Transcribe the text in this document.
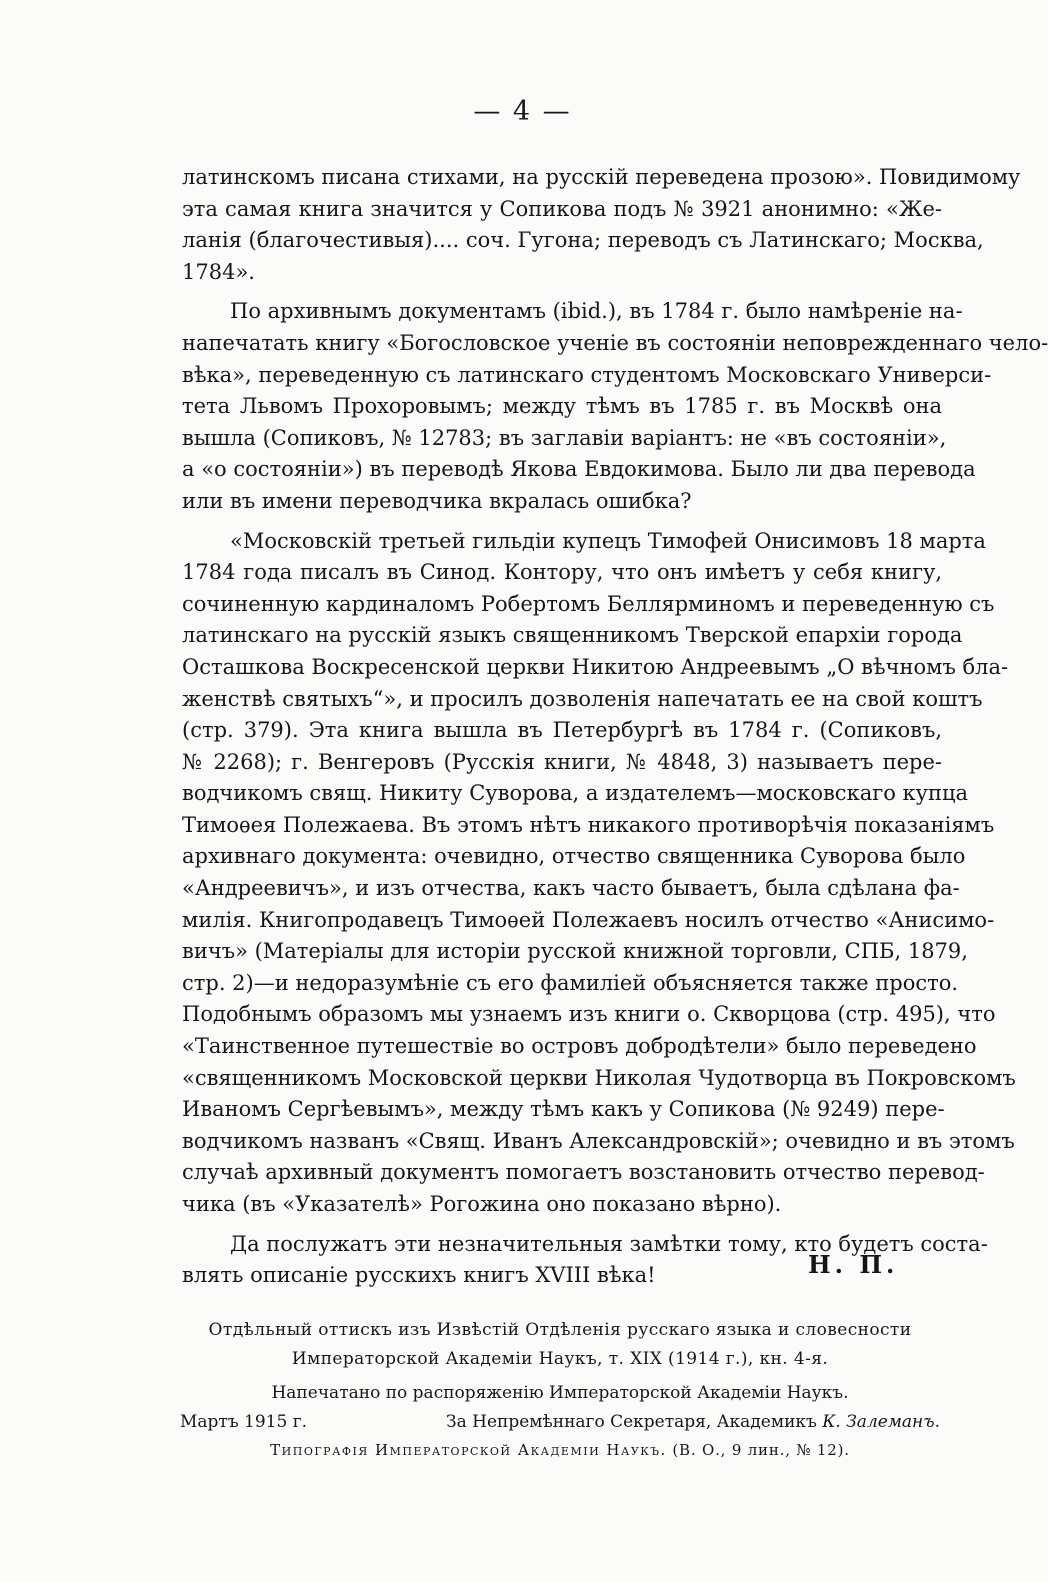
— 4 —
латинскомъ писана стихами, на русскій переведена прозою». Повидимому
эта самая книга значится у Сопикова подъ № 3921 анонимно: «Же-
ланія (благочестивыя).... соч. Гугона; переводъ съ Латинскаго; Москва,
1784».
По архивнымъ документамъ (ibid.), въ 1784 г. было намѣреніе на-
напечатать книгу «Богословское ученіе въ состояніи неповрежденнаго чело-
вѣка», переведенную съ латинскаго студентомъ Московскаго Универси-
тета Львомъ Прохоровымъ; между тѣмъ въ 1785 г. въ Москвѣ она
вышла (Сопиковъ, № 12783; въ заглавіи варіантъ: не «въ состояніи»,
а «о состояніи») въ переводѣ Якова Евдокимова. Было ли два перевода
или въ имени переводчика вкралась ошибка?
«Московскій третьей гильдіи купецъ Тимофей Онисимовъ 18 марта
1784 года писалъ въ Синод. Контору, что онъ имѣетъ у себя книгу,
сочиненную кардиналомъ Робертомъ Беллярминомъ и переведенную съ
латинскаго на русскій языкъ священникомъ Тверской епархіи города
Осташкова Воскресенской церкви Никитою Андреевымъ „О вѣчномъ бла-
женствѣ святыхъ“», и просилъ дозволенія напечатать ее на свой коштъ
(стр. 379). Эта книга вышла въ Петербургѣ въ 1784 г. (Сопиковъ,
№ 2268); г. Венгеровъ (Русскія книги, № 4848, 3) называетъ пере-
водчикомъ свящ. Никиту Суворова, а издателемъ—московскаго купца
Тимоѳея Полежаева. Въ этомъ нѣтъ никакого противорѣчія показаніямъ
архивнаго документа: очевидно, отчество священника Суворова было
«Андреевичъ», и изъ отчества, какъ часто бываетъ, была сдѣлана фа-
милія. Книгопродавецъ Тимоѳей Полежаевъ носилъ отчество «Анисимо-
вичъ» (Матеріалы для исторіи русской книжной торговли, СПБ, 1879,
стр. 2)—и недоразумѣніе съ его фамиліей объясняется также просто.
Подобнымъ образомъ мы узнаемъ изъ книги о. Скворцова (стр. 495), что
«Таинственное путешествіе во островъ добродѣтели» было переведено
«священникомъ Московской церкви Николая Чудотворца въ Покровскомъ
Иваномъ Сергѣевымъ», между тѣмъ какъ у Сопикова (№ 9249) пере-
водчикомъ названъ «Свящ. Иванъ Александровскій»; очевидно и въ этомъ
случаѣ архивный документъ помогаетъ возстановить отчество перевод-
чика (въ «Указателѣ» Рогожина оно показано вѣрно).
Да послужатъ эти незначительныя замѣтки тому, кто будетъ соста-
влять описаніе русскихъ книгъ XVIII вѣка!	Н. П.
Отдѣльный оттискъ изъ Извѣстій Отдѣленія русскаго языка и словесности
Императорской Академіи Наукъ, т. XIX (1914 г.), кн. 4-я.
Напечатано по распоряженію Императорской Академіи Наукъ.
Мартъ 1915 г.	За Непремѣннаго Секретаря, Академикъ К. Залеманъ.
Типографія Императорской Академіи Наукъ. (В. О., 9 лин., № 12).
